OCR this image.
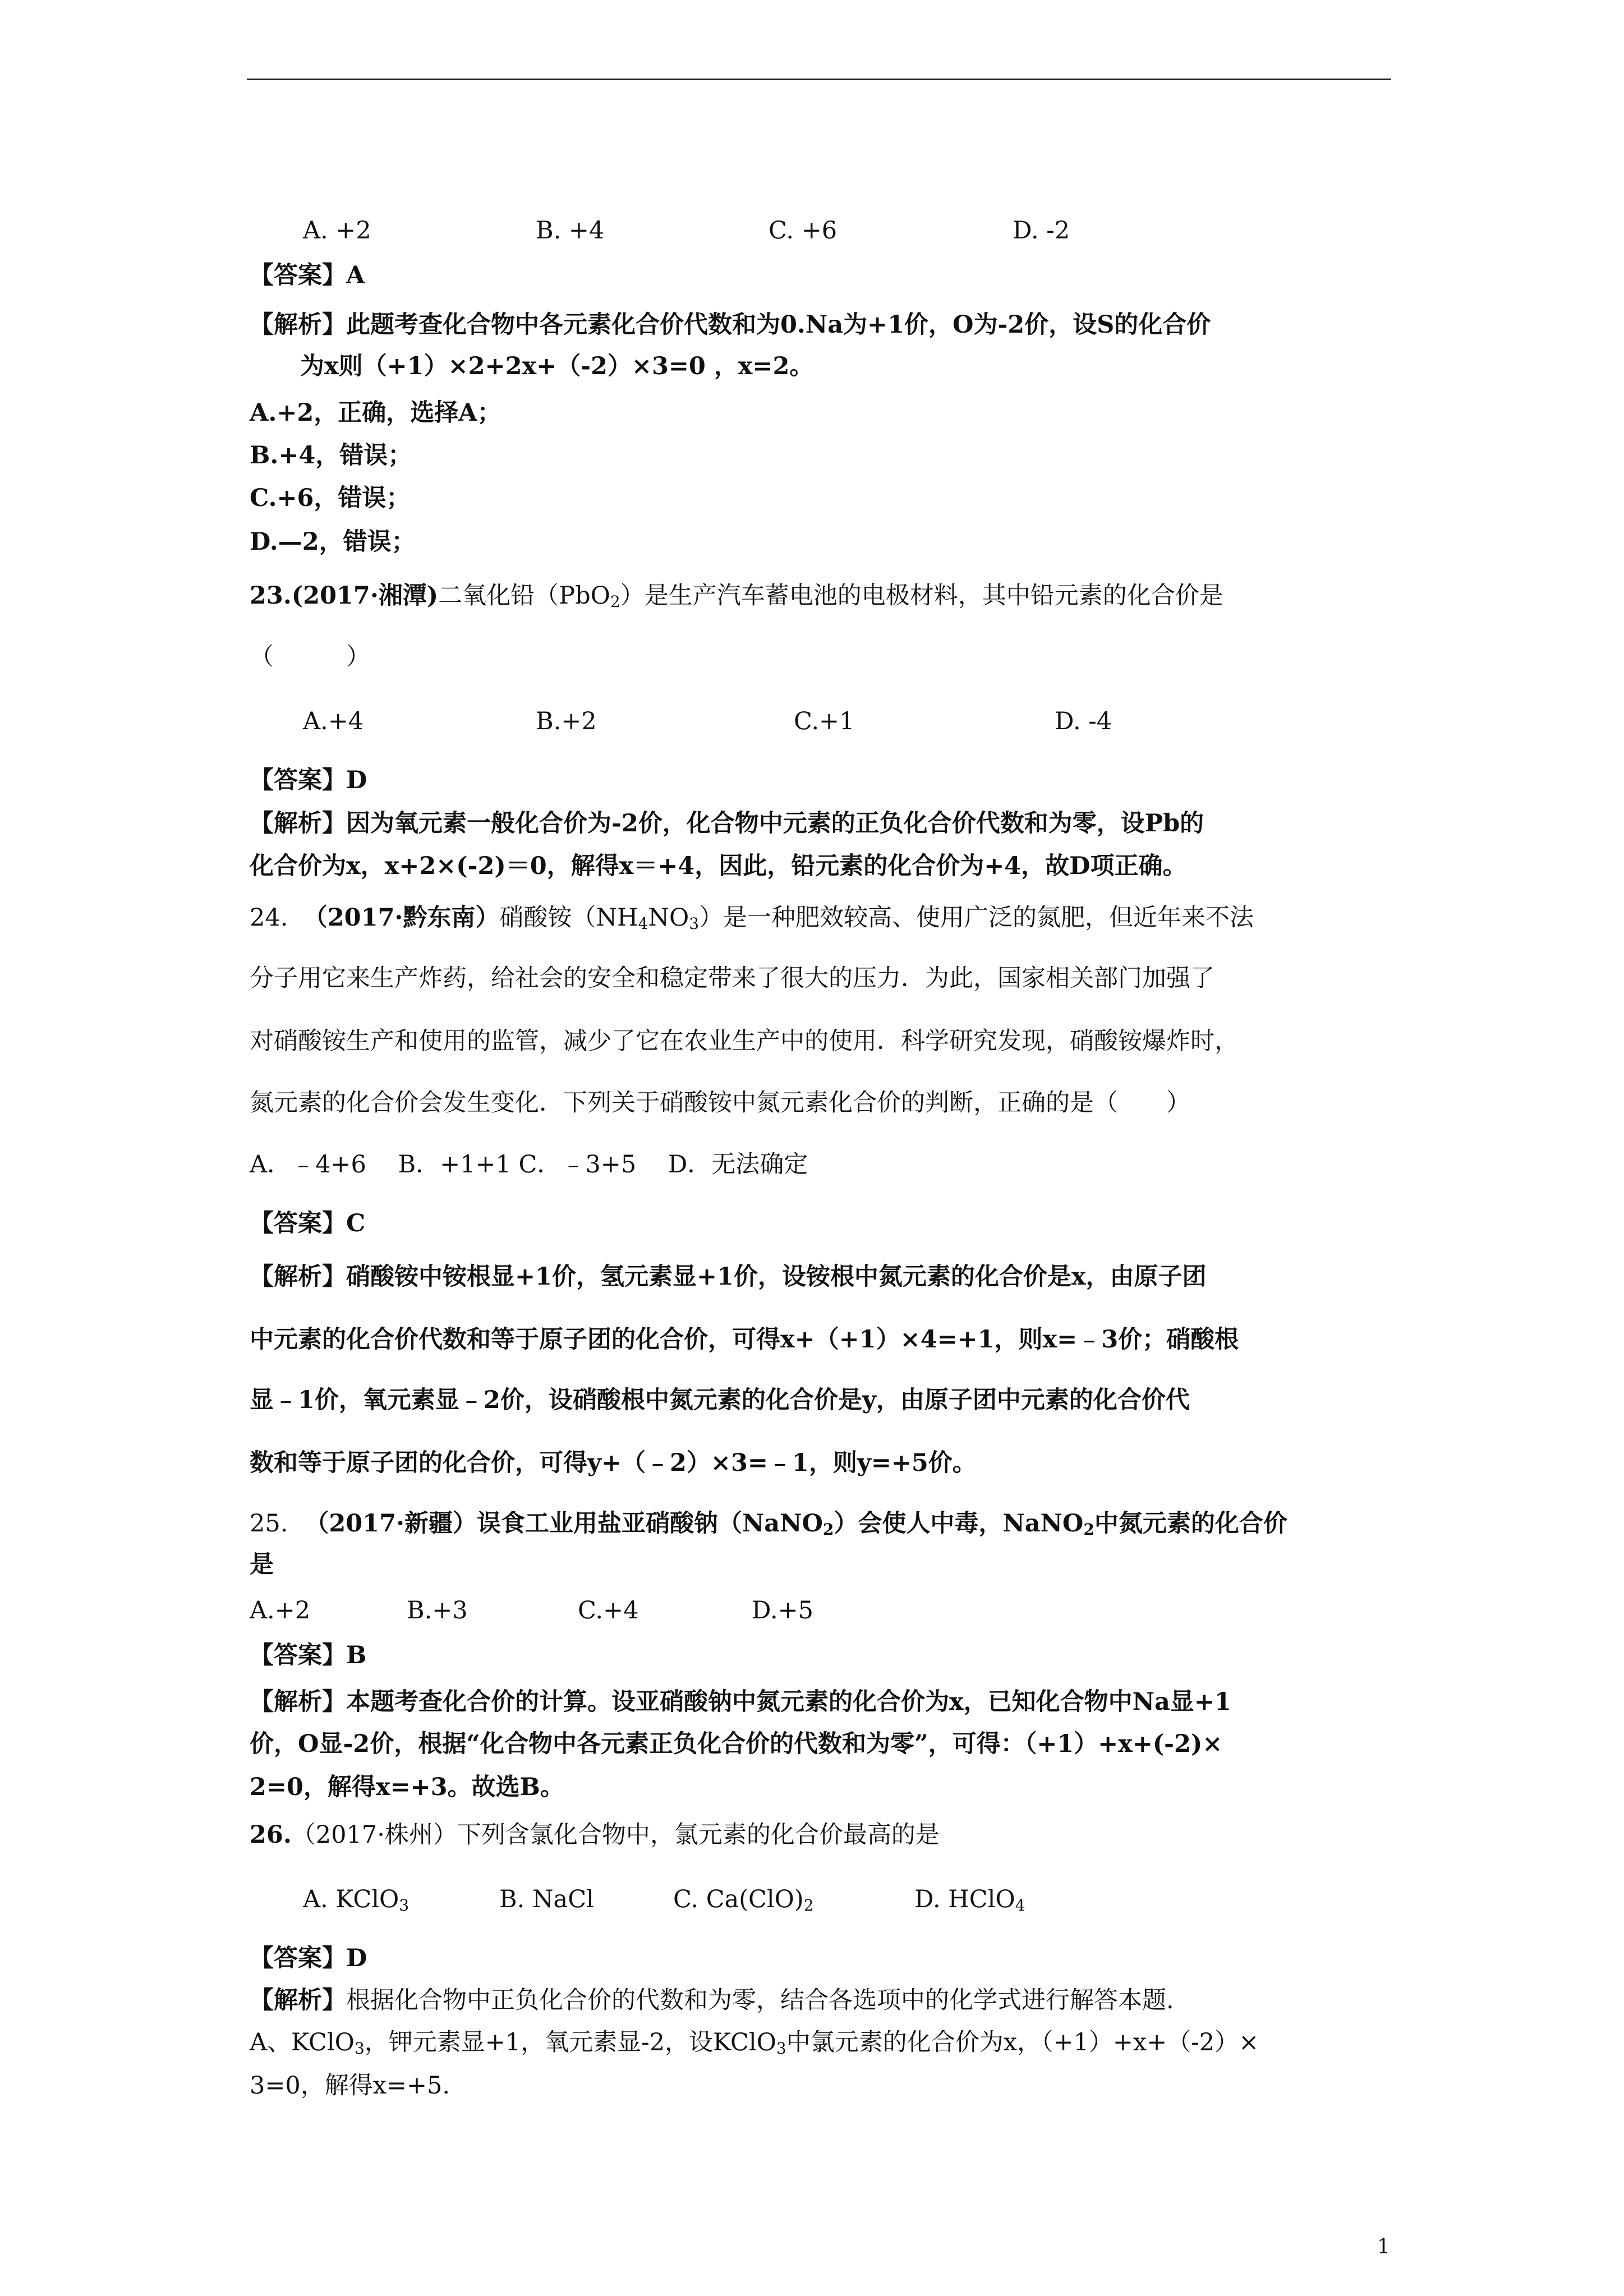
A. +2	B. +4	C. +6	D. -2
【答案】A
【解析】此题考查化合物中各元素化合价代数和为0.Na为+1价，O为-2价，设S的化合价
为x则（+1）×2+2x+（-2）×3=0 ，x=2。
A.+2，正确，选择A；
B.+4，错误；
C.+6，错误；
D.—2，错误；
23.(2017·湘潭)二氧化铅（PbO$_2$）是生产汽车蓄电池的电极材料，其中铅元素的化合价是
（　　　）
A.+4	B.+2	C.+1	D. -4
【答案】D
【解析】因为氧元素一般化合价为-2价，化合物中元素的正负化合价代数和为零，设Pb的
化合价为x，x+2×(-2)＝0，解得x＝+4，因此，铅元素的化合价为+4，故D项正确。
24. （2017·黔东南）硝酸铵$(NH_4NO_3)$是一种肥效较高、使用广泛的氮肥，但近年来不法
分子用它来生产炸药，给社会的安全和稳定带来了很大的压力．为此，国家相关部门加强了
对硝酸铵生产和使用的监管，减少了它在农业生产中的使用．科学研究发现，硝酸铵爆炸时，
氮元素的化合价会发生变化．下列关于硝酸铵中氮元素化合价的判断，正确的是（　　）
A．﹣4+6　 B．+1+1 C．﹣3+5　 D．无法确定
【答案】C
【解析】硝酸铵中铵根显+1价，氢元素显+1价，设铵根中氮元素的化合价是x，由原子团
中元素的化合价代数和等于原子团的化合价，可得x+（+1）×4=+1，则x=﹣3价；硝酸根
显﹣1价，氧元素显﹣2价，设硝酸根中氮元素的化合价是y，由原子团中元素的化合价代
数和等于原子团的化合价，可得y+（﹣2）×3=﹣1，则y=+5价。
25. （2017·新疆）误食工业用盐亚硝酸钠（NaNO$_2$）会使人中毒，NaNO$_2$中氮元素的化合价
是
A.+2	B.+3	C.+4	D.+5
【答案】B
【解析】本题考查化合价的计算。设亚硝酸钠中氮元素的化合价为x，已知化合物中Na显+1
价，O显-2价，根据“化合物中各元素正负化合价的代数和为零”，可得：（+1）+x+(-2)×
2=0，解得x=+3。故选B。
26.（2017·株州）下列含氯化合物中，氯元素的化合价最高的是
A. KClO$_3$	B. NaCl	C. $Ca(ClO)_2$	D. HClO$_4$
【答案】D
【解析】根据化合物中正负化合价的代数和为零，结合各选项中的化学式进行解答本题.
A、KClO$_3$，钾元素显+1，氧元素显-2，设KClO$_3$中氯元素的化合价为x，（+1）+x+（-2）×
3=0，解得x=+5.
1
